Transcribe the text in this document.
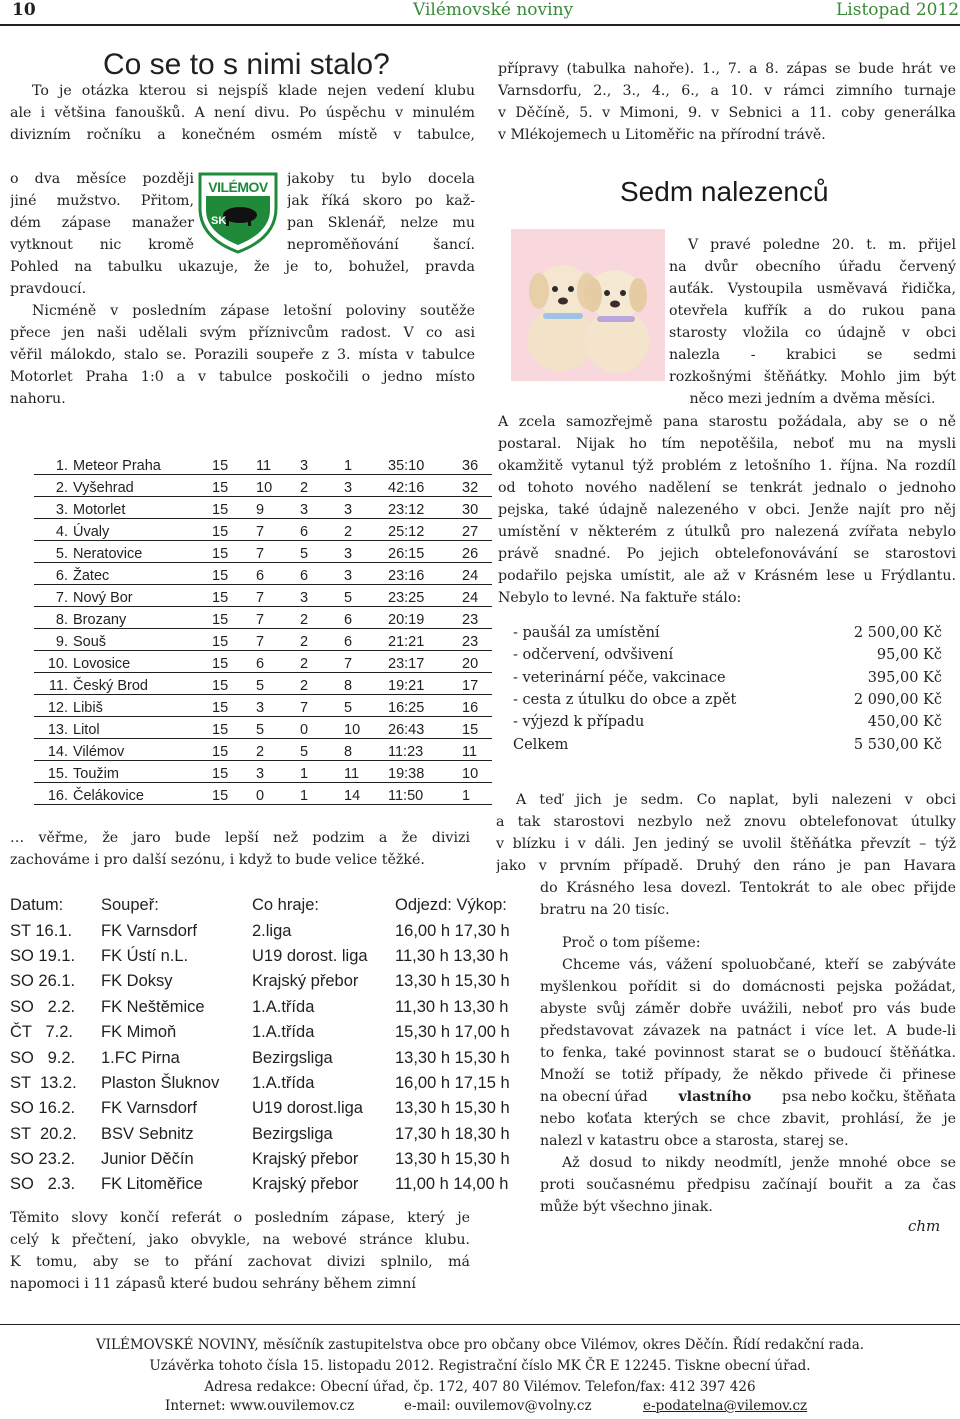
10	Vilémovské noviny	Listopad 2012
Co se to s nimi stalo?
To je otázka kterou si nejspíš klade nejen vedení klubu
ale i většina fanoušků. A není divu. Po úspěchu v minulém
divizním ročníku a konečném osmém místě v tabulce,
o dva měsíce později
jiné mužstvo. Přitom,
dém zápase manažer
vytknout nic kromě
jakoby tu bylo docela
jak říká skoro po kaž-
pan Sklenář, nelze mu
neproměňování šancí.
SK
VILÉMOV
Pohled na tabulku ukazuje, že je to, bohužel, pravda
pravdoucí.
Nicméně v posledním zápase letošní poloviny soutěže
přece jen naši udělali svým příznivcům radost. V co asi
věřil málokdo, stalo se. Porazili soupeře z 3. místa v tabulce
Motorlet Praha 1:0 a v tabulce poskočili o jedno místo
nahoru.
1.	Meteor Praha	15	11	3	1	35:10	36
2.	Vyšehrad	15	10	2	3	42:16	32
3.	Motorlet	15	9	3	3	23:12	30
4.	Úvaly	15	7	6	2	25:12	27
5.	Neratovice	15	7	5	3	26:15	26
6.	Žatec	15	6	6	3	23:16	24
7.	Nový Bor	15	7	3	5	23:25	24
8.	Brozany	15	7	2	6	20:19	23
9.	Souš	15	7	2	6	21:21	23
10.	Lovosice	15	6	2	7	23:17	20
11.	Český Brod	15	5	2	8	19:21	17
12.	Libiš	15	3	7	5	16:25	16
13.	Litol	15	5	0	10	26:43	15
14.	Vilémov	15	2	5	8	11:23	11
15.	Toužim	15	3	1	11	19:38	10
16.	Čelákovice	15	0	1	14	11:50	1
… věřme, že jaro bude lepší než podzim a že divizi
zachováme i pro další sezónu, i když to bude velice těžké.
Datum:	Soupeř:	Co hraje:	Odjezd: Výkop:
ST 16.1.	FK Varnsdorf	2.liga	16,00 h 17,30 h
SO 19.1.	FK Ústí n.L.	U19 dorost. liga	11,30 h 13,30 h
SO 26.1.	FK Doksy	Krajský přebor	13,30 h 15,30 h
SO   2.2.	FK Neštěmice	1.A.třída	11,30 h 13,30 h
ČT   7.2.	FK Mimoň	1.A.třída	15,30 h 17,00 h
SO   9.2.	1.FC Pirna	Bezirgsliga	13,30 h 15,30 h
ST  13.2.	Plaston Šluknov	1.A.třída	16,00 h 17,15 h
SO 16.2.	FK Varnsdorf	U19 dorost.liga	13,30 h 15,30 h
ST  20.2.	BSV Sebnitz	Bezirgsliga	17,30 h 18,30 h
SO 23.2.	Junior Děčín	Krajský přebor	13,30 h 15,30 h
SO   2.3.	FK Litoměřice	Krajský přebor	11,00 h 14,00 h
Těmito slovy končí referát o posledním zápase, který je
celý k přečtení, jako obvykle, na webové stránce klubu.
K tomu, aby se to přání zachovat divizi splnilo, má
napomoci i 11 zápasů které budou sehrány během zimní
přípravy (tabulka nahoře). 1., 7. a 8. zápas se bude hrát ve
Varnsdorfu, 2., 3., 4., 6., a 10. v rámci zimního turnaje
v Děčíně, 5. v Mimoni, 9. v Sebnici a 11. coby generálka
v Mlékojemech u Litoměřic na přírodní trávě.
Sedm nalezenců
V pravé poledne 20. t. m. přijel
na dvůr obecního úřadu červený
auťák. Vystoupila usměvavá řidička,
otevřela kufřík a do rukou pana
starosty vložila co údajně v obci
nalezla - krabici se sedmi
rozkošnými štěňátky. Mohlo jim být
něco mezi jedním a dvěma měsíci.
A zcela samozřejmě pana starostu požádala, aby se o ně
postaral. Nijak ho tím nepotěšila, neboť mu na mysli
okamžitě vytanul týž problém z letošního 1. října. Na rozdíl
od tohoto nového nadělení se tenkrát jednalo o jednoho
pejska, také údajně nalezeného v obci. Jenže najít pro něj
umístění v některém z útulků pro nalezená zvířata nebylo
právě snadné. Po jejich obtelefonovávání se starostovi
podařilo pejska umístit, ale až v Krásném lese u Frýdlantu.
Nebylo to levné. Na faktuře stálo:
- paušál za umístění	2 500,00 Kč
- odčervení, odvšivení	95,00 Kč
- veterinární péče, vakcinace	395,00 Kč
- cesta z útulku do obce a zpět	2 090,00 Kč
- výjezd k případu	450,00 Kč
Celkem	5 530,00 Kč
A teď jich je sedm. Co naplat, byli nalezeni v obci
a tak starostovi nezbylo než znovu obtelefonovat útulky
v blízku i v dáli. Jen jediný se uvolil štěňátka převzít – týž
jako v prvním případě. Druhý den ráno je pan Havara
do Krásného lesa dovezl. Tentokrát to ale obec přijde
bratru na 20 tisíc.
Proč o tom píšeme:
Chceme vás, vážení spoluobčané, kteří se zabýváte
myšlenkou pořídit si do domácnosti pejska požádat,
abyste svůj záměr dobře uvážili, neboť pro vás bude
představovat závazek na patnáct i více let. A bude-li
to fenka, také povinnost starat se o budoucí štěňátka.
Množí se totiž případy, že někdo přivede či přinese
na obecní úřad vlastního psa nebo kočku, štěňata
nebo koťata kterých se chce zbavit, prohlásí, že je
nalezl v katastru obce a starosta, starej se.
Až dosud to nikdy neodmítl, jenže mnohé obce se
proti současnému předpisu začínají bouřit a za čas
může být všechno jinak.
chm
VILÉMOVSKÉ NOVINY, měsíčník zastupitelstva obce pro občany obce Vilémov, okres Děčín. Řídí redakční rada.
Uzávěrka tohoto čísla 15. listopadu 2012. Registrační číslo MK ČR E 12245. Tiskne obecní úřad.
Adresa redakce: Obecní úřad, čp. 172, 407 80 Vilémov. Telefon/fax: 412 397 426
Internet: www.ouvilemov.cz	e-mail: ouvilemov@volny.cz	e-podatelna@vilemov.cz
